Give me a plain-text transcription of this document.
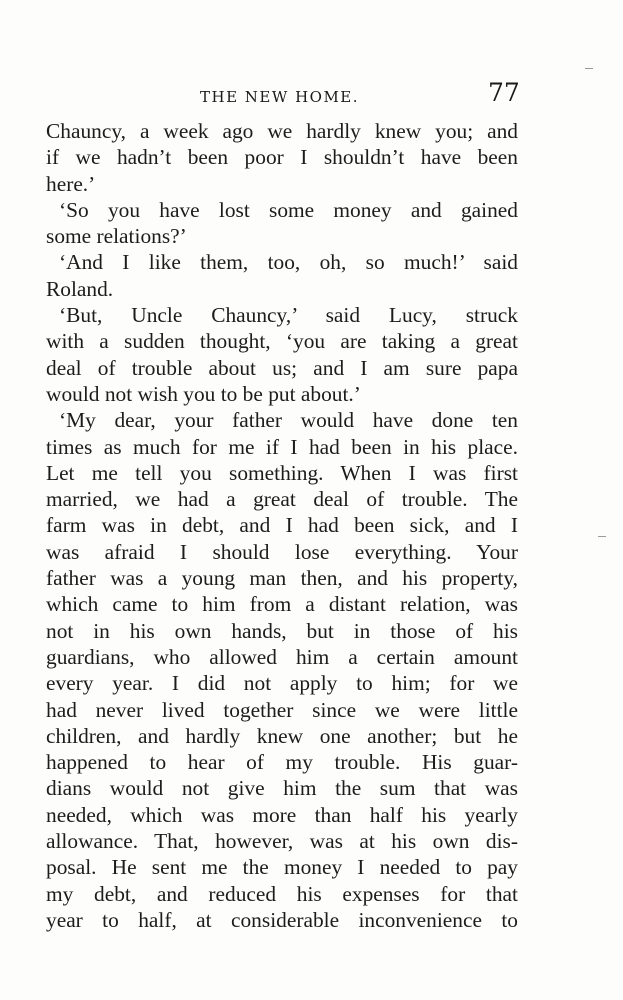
THE NEW HOME.	77
Chauncy, a week ago we hardly knew you; and
if we hadn’t been poor I shouldn’t have been
here.’
‘So you have lost some money and gained
some relations?’
‘And I like them, too, oh, so much!’ said
Roland.
‘But, Uncle Chauncy,’ said Lucy, struck
with a sudden thought, ‘you are taking a great
deal of trouble about us; and I am sure papa
would not wish you to be put about.’
‘My dear, your father would have done ten
times as much for me if I had been in his place.
Let me tell you something. When I was first
married, we had a great deal of trouble. The
farm was in debt, and I had been sick, and I
was afraid I should lose everything. Your
father was a young man then, and his property,
which came to him from a distant relation, was
not in his own hands, but in those of his
guardians, who allowed him a certain amount
every year. I did not apply to him; for we
had never lived together since we were little
children, and hardly knew one another; but he
happened to hear of my trouble. His guar-
dians would not give him the sum that was
needed, which was more than half his yearly
allowance. That, however, was at his own dis-
posal. He sent me the money I needed to pay
my debt, and reduced his expenses for that
year to half, at considerable inconvenience to
